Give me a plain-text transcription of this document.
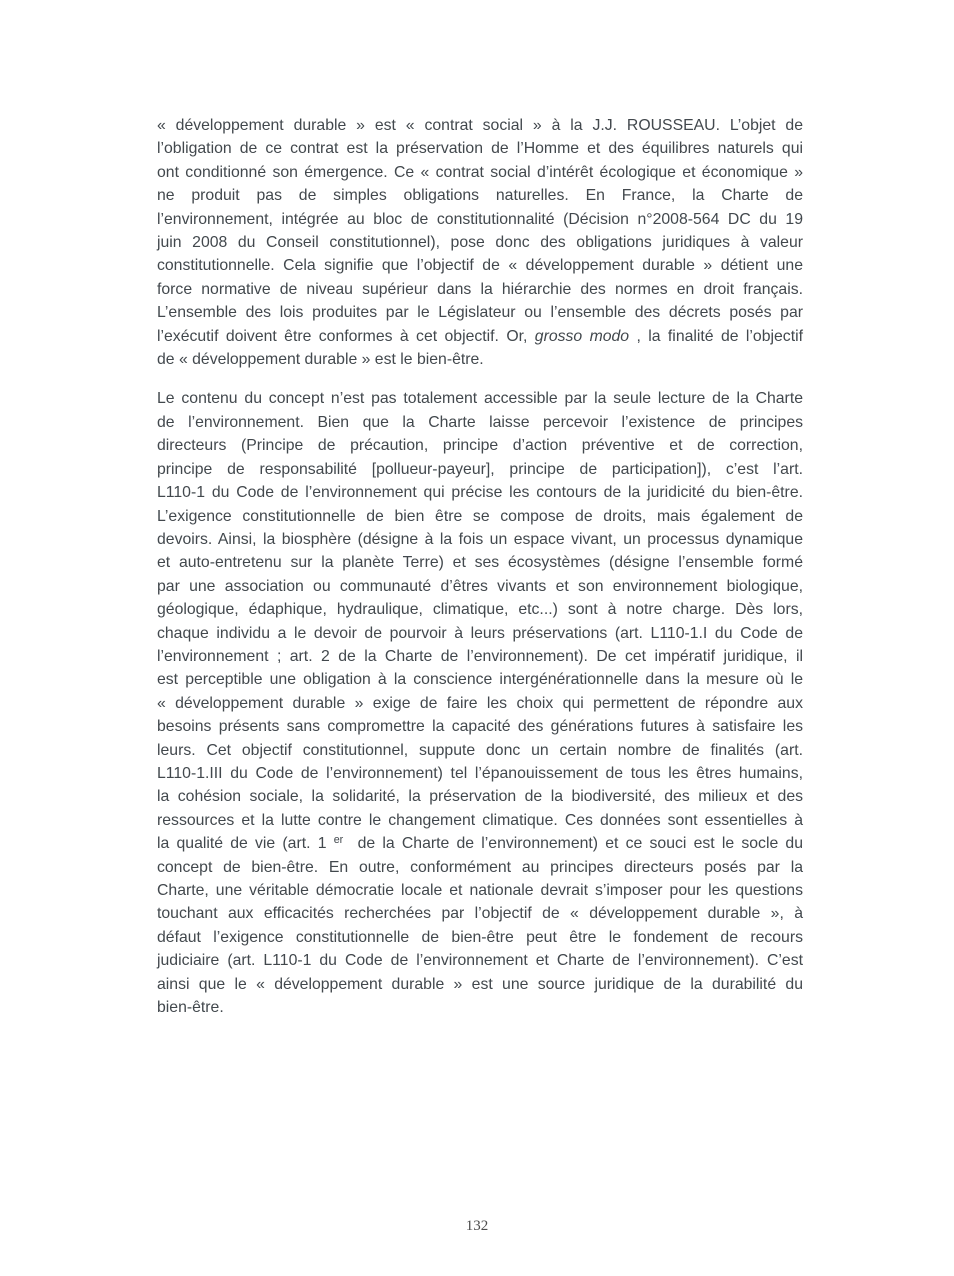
« développement durable » est « contrat social » à la J.J. ROUSSEAU. L’objet de
l’obligation de ce contrat est la préservation de l’Homme et des équilibres naturels qui
ont conditionné son émergence. Ce « contrat social d’intérêt écologique et économique »
ne produit pas de simples obligations naturelles. En France, la Charte de
l’environnement, intégrée au bloc de constitutionnalité (Décision n°2008-564 DC du 19
juin 2008 du Conseil constitutionnel), pose donc des obligations juridiques à valeur
constitutionnelle. Cela signifie que l’objectif de « développement durable » détient une
force normative de niveau supérieur dans la hiérarchie des normes en droit français.
L’ensemble des lois produites par le Législateur ou l’ensemble des décrets posés par
l’exécutif doivent être conformes à cet objectif. Or, grosso modo , la finalité de l’objectif
de « développement durable » est le bien-être.
Le contenu du concept n’est pas totalement accessible par la seule lecture de la Charte
de l’environnement. Bien que la Charte laisse percevoir l’existence de principes
directeurs (Principe de précaution, principe d’action préventive et de correction,
principe de responsabilité [pollueur-payeur], principe de participation]), c’est l’art.
L110-1 du Code de l’environnement qui précise les contours de la juridicité du bien-être.
L’exigence constitutionnelle de bien être se compose de droits, mais également de
devoirs. Ainsi, la biosphère (désigne à la fois un espace vivant, un processus dynamique
et auto-entretenu sur la planète Terre) et ses écosystèmes (désigne l’ensemble formé
par une association ou communauté d’êtres vivants et son environnement biologique,
géologique, édaphique, hydraulique, climatique, etc...) sont à notre charge. Dès lors,
chaque individu a le devoir de pourvoir à leurs préservations (art. L110-1.I du Code de
l’environnement ; art. 2 de la Charte de l’environnement). De cet impératif juridique, il
est perceptible une obligation à la conscience intergénérationnelle dans la mesure où le
« développement durable » exige de faire les choix qui permettent de répondre aux
besoins présents sans compromettre la capacité des générations futures à satisfaire les
leurs. Cet objectif constitutionnel, suppute donc un certain nombre de finalités (art.
L110-1.III du Code de l’environnement) tel l’épanouissement de tous les êtres humains,
la cohésion sociale, la solidarité, la préservation de la biodiversité, des milieux et des
ressources et la lutte contre le changement climatique. Ces données sont essentielles à
la qualité de vie (art. 1 $^{er}$  de la Charte de l’environnement) et ce souci est le socle du
concept de bien-être. En outre, conformément au principes directeurs posés par la
Charte, une véritable démocratie locale et nationale devrait s’imposer pour les questions
touchant aux efficacités recherchées par l’objectif de « développement durable », à
défaut l’exigence constitutionnelle de bien-être peut être le fondement de recours
judiciaire (art. L110-1 du Code de l’environnement et Charte de l’environnement). C’est
ainsi que le « développement durable » est une source juridique de la durabilité du
bien-être.
132
